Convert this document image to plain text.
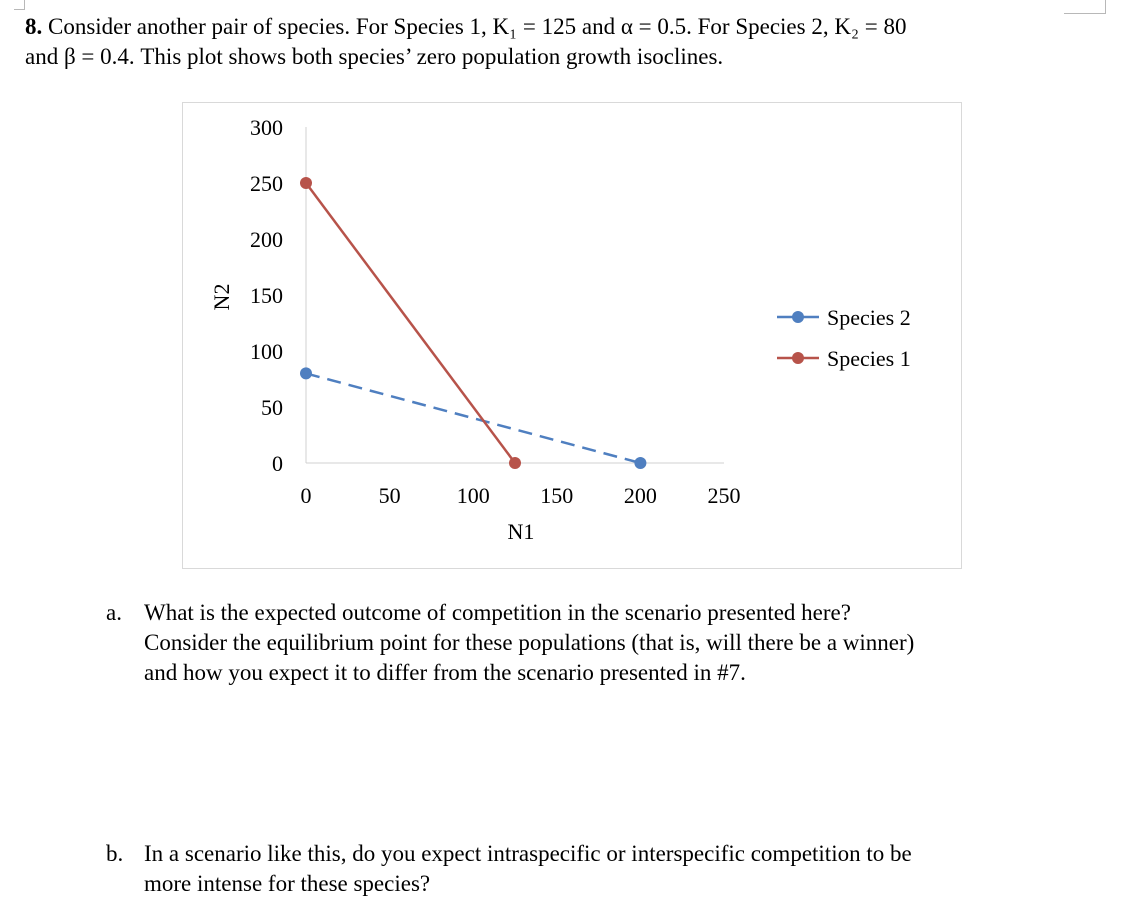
8. Consider another pair of species. For Species 1, K₁ = 125 and α = 0.5. For Species 2, K₂ = 80
and β = 0.4. This plot shows both species’ zero population growth isoclines.
300
250
200
150
100
50
0
0	50	100 150 200 250
N1
N2
Species 2
Species 1
a. What is the expected outcome of competition in the scenario presented here?
Consider the equilibrium point for these populations (that is, will there be a winner)
and how you expect it to differ from the scenario presented in #7.
b. In a scenario like this, do you expect intraspecific or interspecific competition to be
more intense for these species?
